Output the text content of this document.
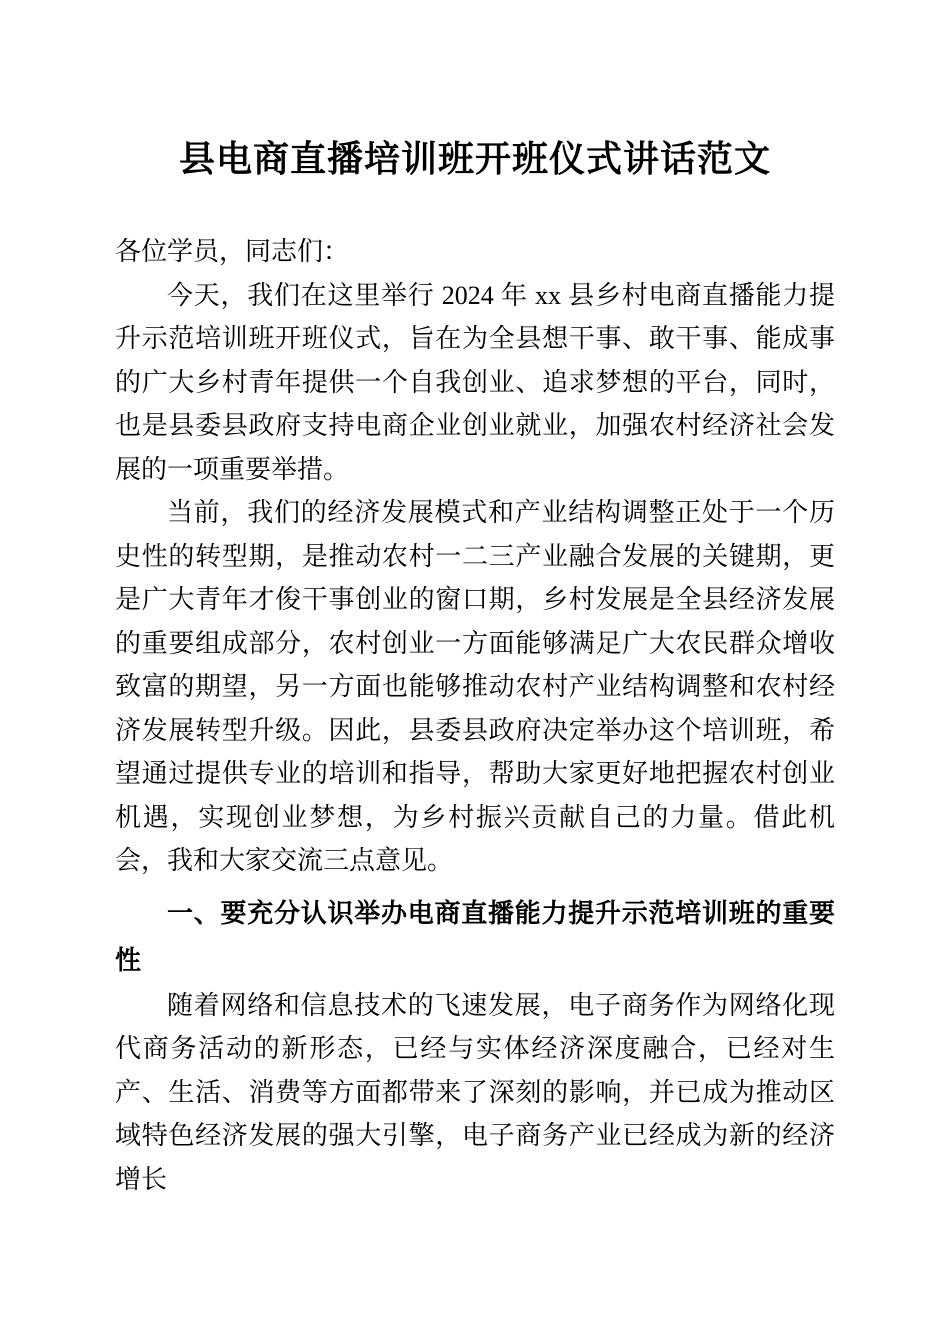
县电商直播培训班开班仪式讲话范文

各位学员，同志们：

今天，我们在这里举行 2024 年 xx 县乡村电商直播能力提升示范培训班开班仪式，旨在为全县想干事、敢干事、能成事的广大乡村青年提供一个自我创业、追求梦想的平台，同时，也是县委县政府支持电商企业创业就业，加强农村经济社会发展的一项重要举措。

当前，我们的经济发展模式和产业结构调整正处于一个历史性的转型期，是推动农村一二三产业融合发展的关键期，更是广大青年才俊干事创业的窗口期，乡村发展是全县经济发展的重要组成部分，农村创业一方面能够满足广大农民群众增收致富的期望，另一方面也能够推动农村产业结构调整和农村经济发展转型升级。因此，县委县政府决定举办这个培训班，希望通过提供专业的培训和指导，帮助大家更好地把握农村创业机遇，实现创业梦想，为乡村振兴贡献自己的力量。借此机会，我和大家交流三点意见。

一、要充分认识举办电商直播能力提升示范培训班的重要性

随着网络和信息技术的飞速发展，电子商务作为网络化现代商务活动的新形态，已经与实体经济深度融合，已经对生产、生活、消费等方面都带来了深刻的影响，并已成为推动区域特色经济发展的强大引擎，电子商务产业已经成为新的经济增长
